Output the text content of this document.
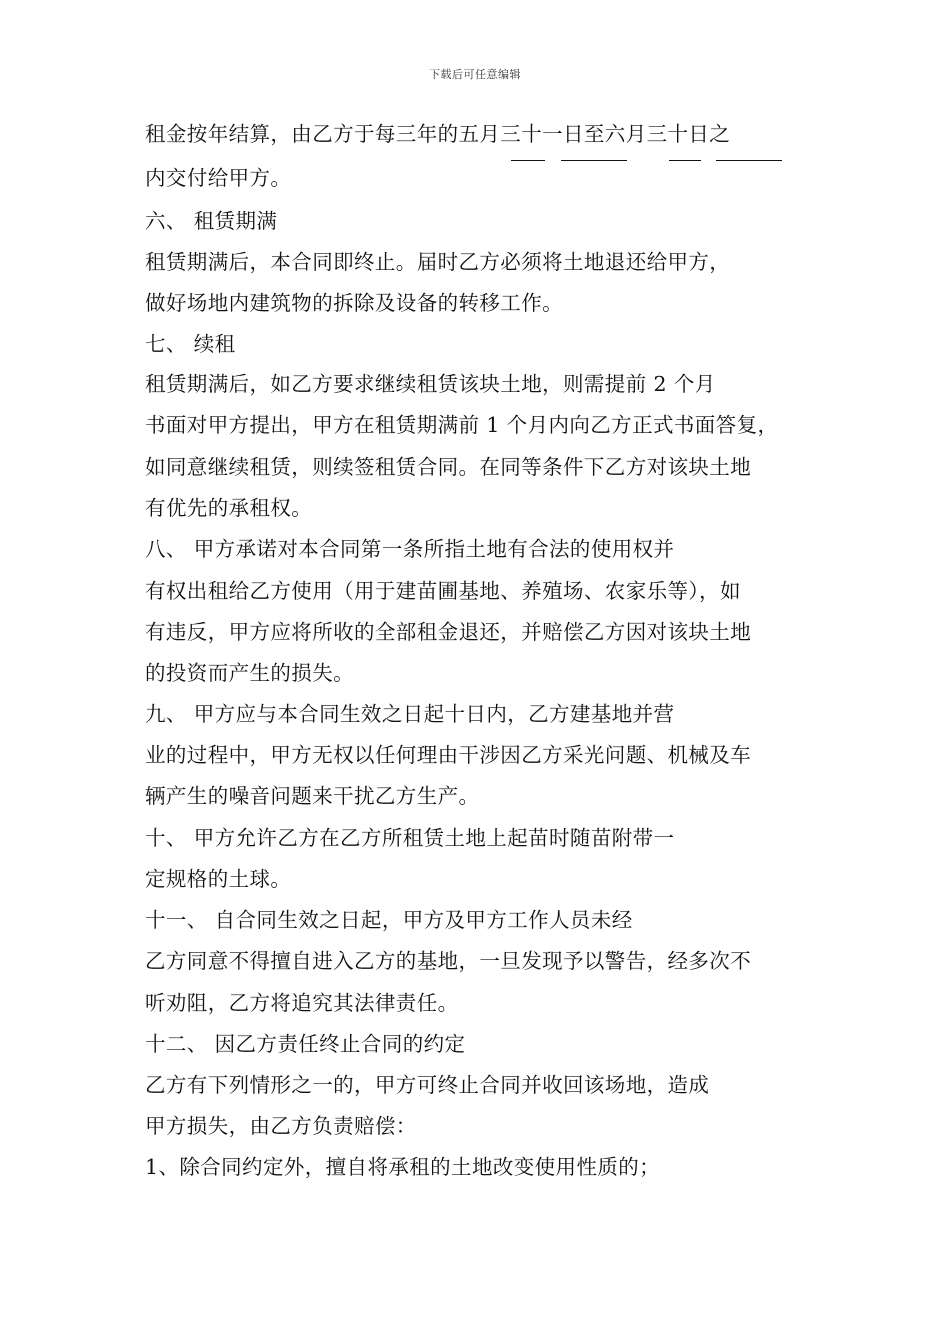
下载后可任意编辑
租金按年结算，由乙方于每三年的五月三十一日至六月三十日之
内交付给甲方。
六、 租赁期满
租赁期满后，本合同即终止。届时乙方必须将土地退还给甲方，
做好场地内建筑物的拆除及设备的转移工作。
七、 续租
租赁期满后，如乙方要求继续租赁该块土地，则需提前 2 个月
书面对甲方提出，甲方在租赁期满前 1 个月内向乙方正式书面答复，
如同意继续租赁，则续签租赁合同。在同等条件下乙方对该块土地
有优先的承租权。
八、 甲方承诺对本合同第一条所指土地有合法的使用权并
有权出租给乙方使用（用于建苗圃基地、养殖场、农家乐等），如
有违反，甲方应将所收的全部租金退还，并赔偿乙方因对该块土地
的投资而产生的损失。
九、 甲方应与本合同生效之日起十日内，乙方建基地并营
业的过程中，甲方无权以任何理由干涉因乙方采光问题、机械及车
辆产生的噪音问题来干扰乙方生产。
十、 甲方允许乙方在乙方所租赁土地上起苗时随苗附带一
定规格的土球。
十一、 自合同生效之日起，甲方及甲方工作人员未经
乙方同意不得擅自进入乙方的基地，一旦发现予以警告，经多次不
听劝阻，乙方将追究其法律责任。
十二、 因乙方责任终止合同的约定
乙方有下列情形之一的，甲方可终止合同并收回该场地，造成
甲方损失，由乙方负责赔偿：
1、除合同约定外，擅自将承租的土地改变使用性质的；
